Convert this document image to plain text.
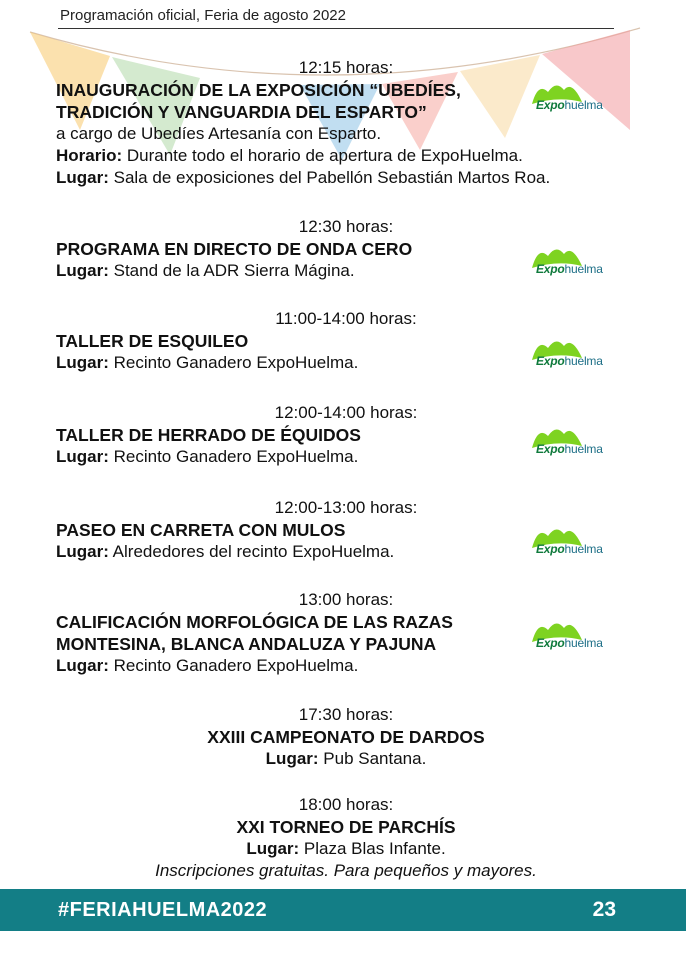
Programación oficial, Feria de agosto 2022
12:15 horas:
INAUGURACIÓN DE LA EXPOSICIÓN “UBEDÍES,
TRADICIÓN Y VANGUARDIA DEL ESPARTO”
a cargo de Ubedíes Artesanía con Esparto.
Horario: Durante todo el horario de apertura de ExpoHuelma.
Lugar: Sala de exposiciones del Pabellón Sebastián Martos Roa.
12:30 horas:
PROGRAMA EN DIRECTO DE ONDA CERO
Lugar: Stand de la ADR Sierra Mágina.
11:00-14:00 horas:
TALLER DE ESQUILEO
Lugar: Recinto Ganadero ExpoHuelma.
12:00-14:00 horas:
TALLER DE HERRADO DE ÉQUIDOS
Lugar: Recinto Ganadero ExpoHuelma.
12:00-13:00 horas:
PASEO EN CARRETA CON MULOS
Lugar: Alrededores del recinto ExpoHuelma.
13:00 horas:
CALIFICACIÓN MORFOLÓGICA DE LAS RAZAS
MONTESINA, BLANCA ANDALUZA Y PAJUNA
Lugar: Recinto Ganadero ExpoHuelma.
17:30 horas:
XXIII CAMPEONATO DE DARDOS
Lugar: Pub Santana.
18:00 horas:
XXI TORNEO DE PARCHÍS
Lugar: Plaza Blas Infante.
Inscripciones gratuitas. Para pequeños y mayores.
Expohuelma
Expohuelma
Expohuelma
Expohuelma
Expohuelma
Expohuelma
#FERIAHUELMA2022	23
